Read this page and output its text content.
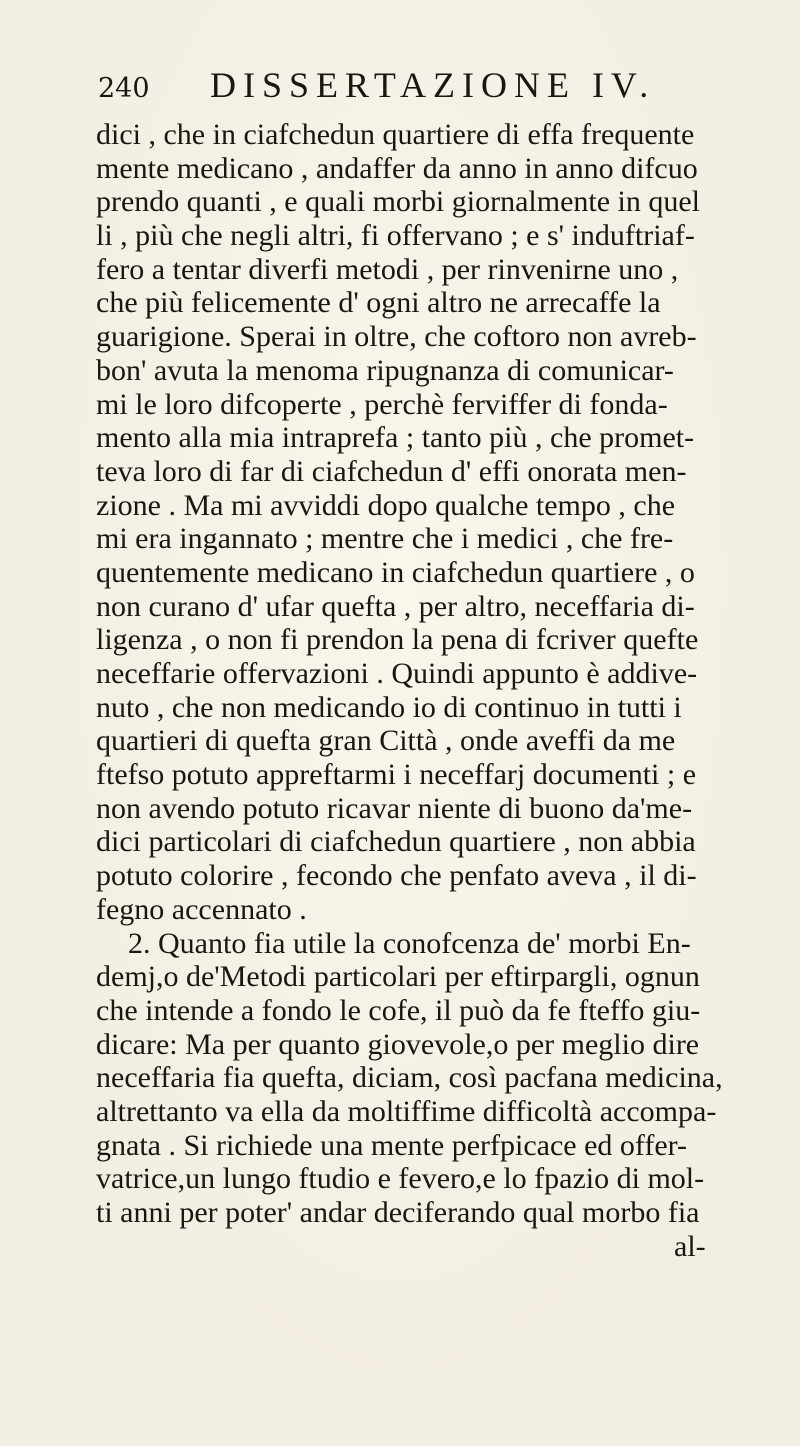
240	DISSERTAZIONE IV.
dici , che in ciafchedun quartiere di effa frequente
mente medicano , andaffer da anno in anno difcuo
prendo quanti , e quali morbi giornalmente in quel
li , più che negli altri, fi offervano ; e s' induftriaf-
fero a tentar diverfi metodi , per rinvenirne uno ,
che più felicemente d' ogni altro ne arrecaffe la
guarigione. Sperai in oltre, che coftoro non avreb-
bon' avuta la menoma ripugnanza di comunicar-
mi le loro difcoperte , perchè ferviffer di fonda-
mento alla mia intraprefa ; tanto più , che promet-
teva loro di far di ciafchedun d' effi onorata men-
zione . Ma mi avviddi dopo qualche tempo , che
mi era ingannato ; mentre che i medici , che fre-
quentemente medicano in ciafchedun quartiere , o
non curano d' ufar quefta , per altro, neceffaria di-
ligenza , o non fi prendon la pena di fcriver quefte
neceffarie offervazioni . Quindi appunto è addive-
nuto , che non medicando io di continuo in tutti i
quartieri di quefta gran Città , onde aveffi da me
ftefso potuto appreftarmi i neceffarj documenti ; e
non avendo potuto ricavar niente di buono da'me-
dici particolari di ciafchedun quartiere , non abbia
potuto colorire , fecondo che penfato aveva , il di-
fegno accennato .
2. Quanto fia utile la conofcenza de' morbi En-
demj,o de'Metodi particolari per eftirpargli, ognun
che intende a fondo le cofe, il può da fe fteffo giu-
dicare: Ma per quanto giovevole,o per meglio dire
neceffaria fia quefta, diciam, così pacfana medicina,
altrettanto va ella da moltiffime difficoltà accompa-
gnata . Si richiede una mente perfpicace ed offer-
vatrice,un lungo ftudio e fevero,e lo fpazio di mol-
ti anni per poter' andar deciferando qual morbo fia
al-
